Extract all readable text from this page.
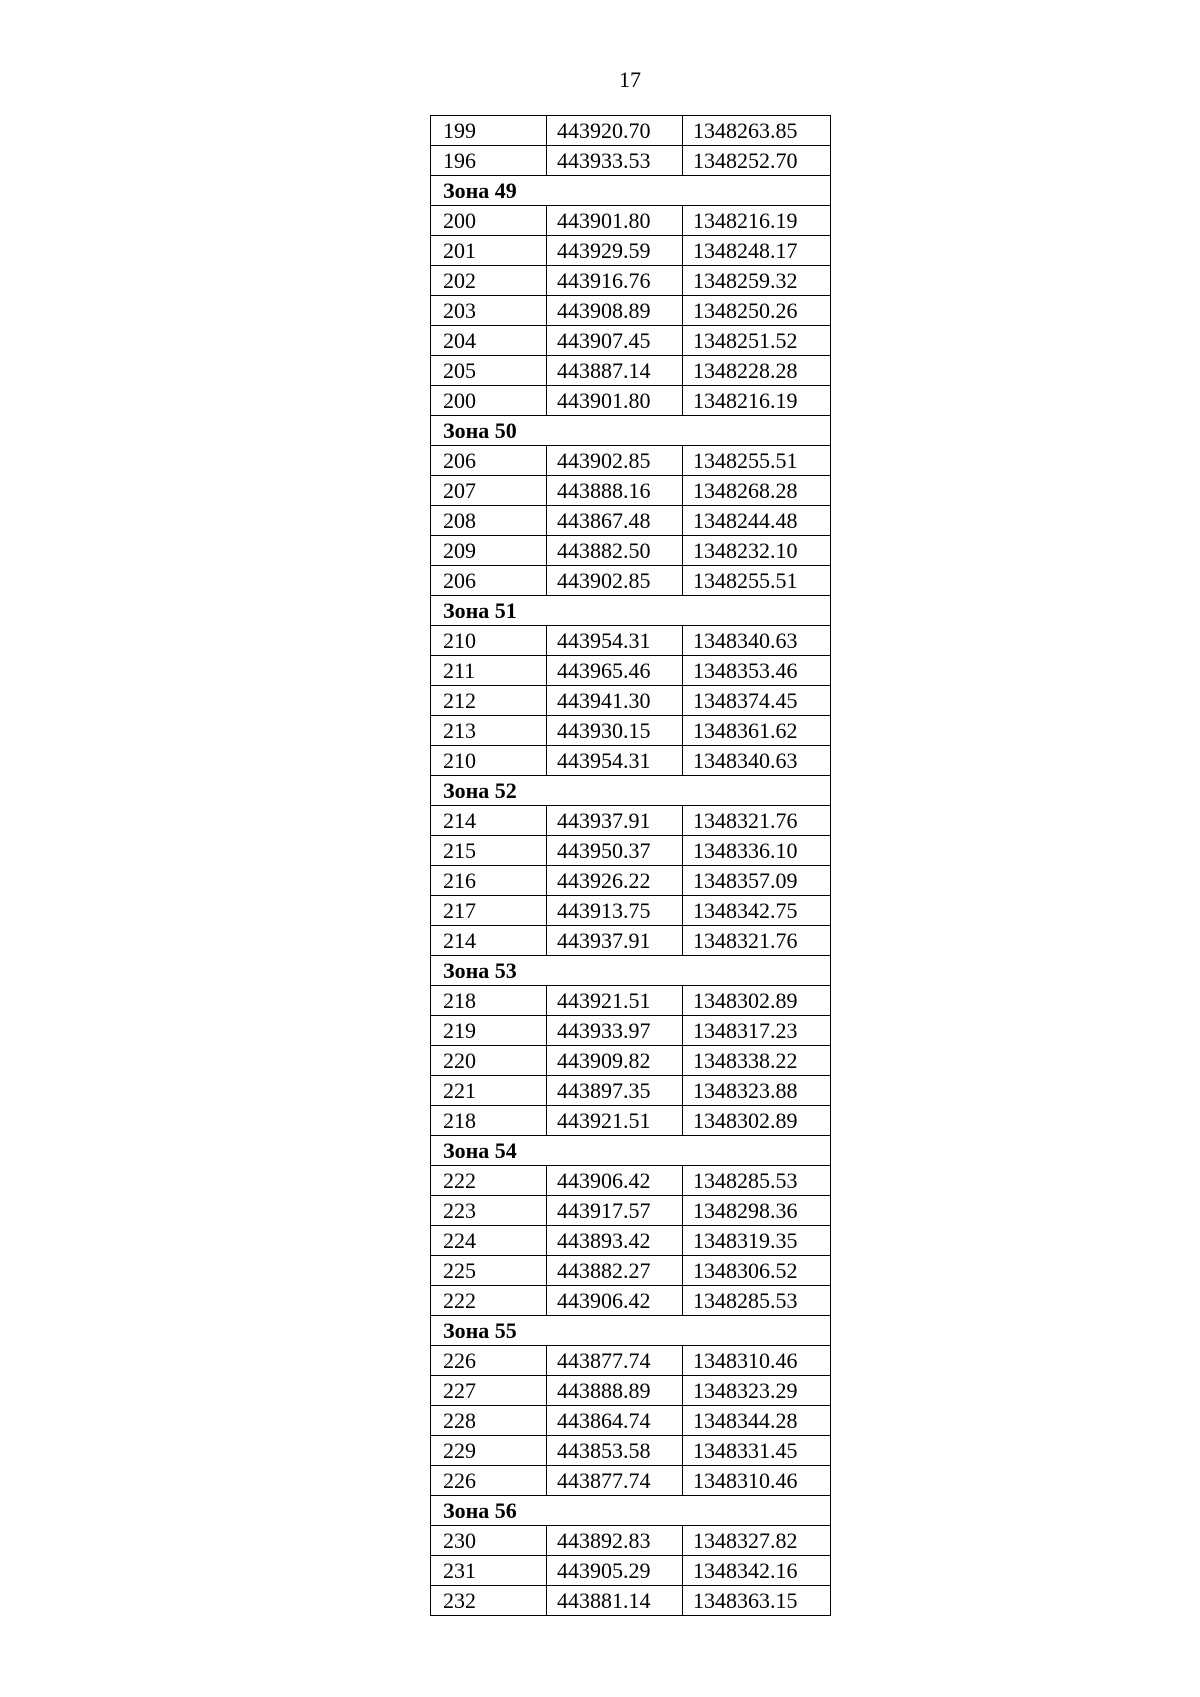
17
199	443920.70	1348263.85
196	443933.53	1348252.70
Зона 49		
200	443901.80	1348216.19
201	443929.59	1348248.17
202	443916.76	1348259.32
203	443908.89	1348250.26
204	443907.45	1348251.52
205	443887.14	1348228.28
200	443901.80	1348216.19
Зона 50		
206	443902.85	1348255.51
207	443888.16	1348268.28
208	443867.48	1348244.48
209	443882.50	1348232.10
206	443902.85	1348255.51
Зона 51		
210	443954.31	1348340.63
211	443965.46	1348353.46
212	443941.30	1348374.45
213	443930.15	1348361.62
210	443954.31	1348340.63
Зона 52		
214	443937.91	1348321.76
215	443950.37	1348336.10
216	443926.22	1348357.09
217	443913.75	1348342.75
214	443937.91	1348321.76
Зона 53		
218	443921.51	1348302.89
219	443933.97	1348317.23
220	443909.82	1348338.22
221	443897.35	1348323.88
218	443921.51	1348302.89
Зона 54		
222	443906.42	1348285.53
223	443917.57	1348298.36
224	443893.42	1348319.35
225	443882.27	1348306.52
222	443906.42	1348285.53
Зона 55		
226	443877.74	1348310.46
227	443888.89	1348323.29
228	443864.74	1348344.28
229	443853.58	1348331.45
226	443877.74	1348310.46
Зона 56		
230	443892.83	1348327.82
231	443905.29	1348342.16
232	443881.14	1348363.15
